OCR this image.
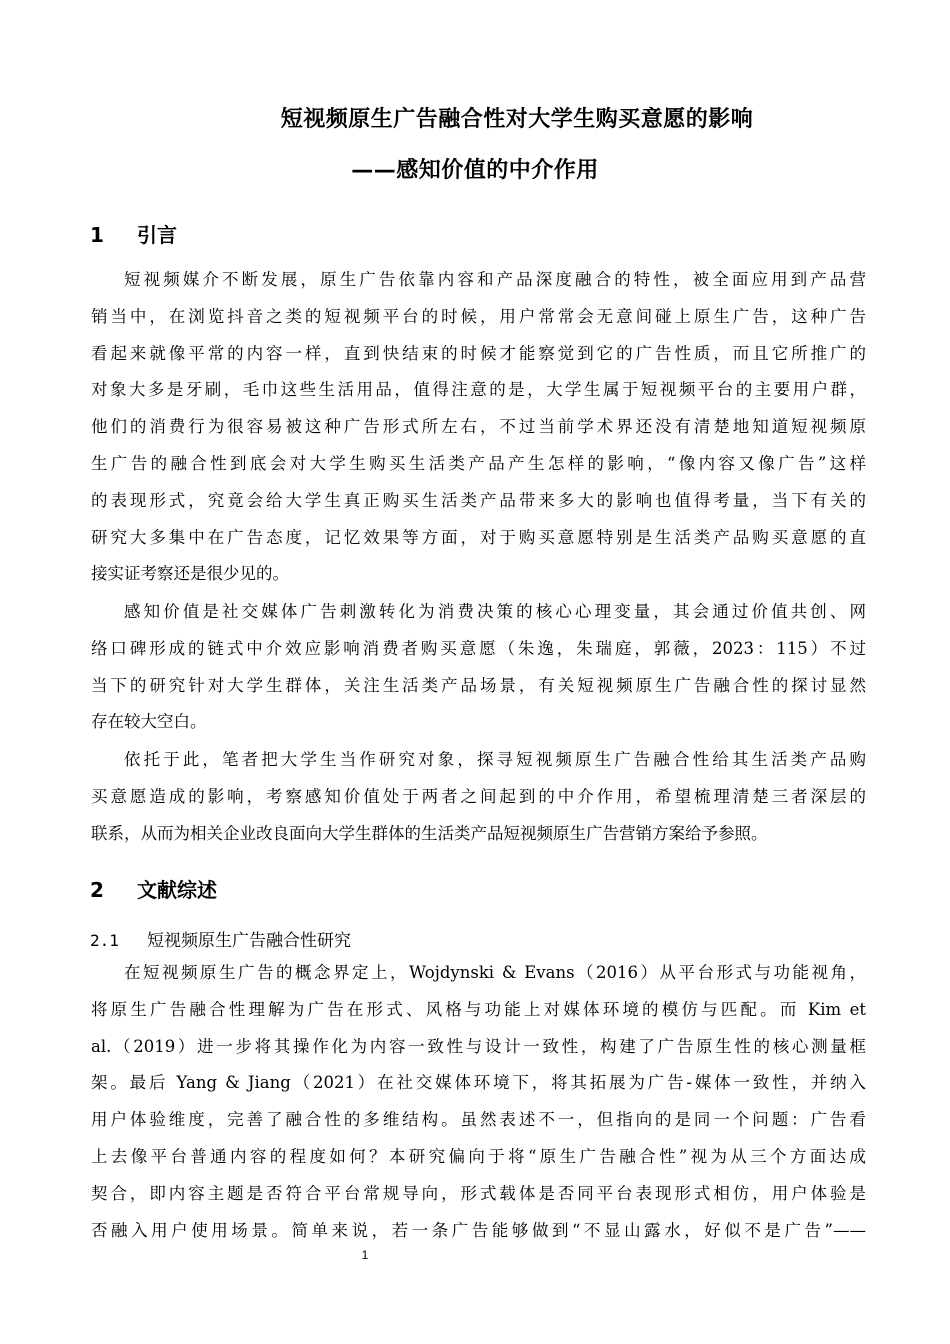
短视频原生广告融合性对大学生购买意愿的影响
——感知价值的中介作用
1 引言
短视频媒介不断发展，原生广告依靠内容和产品深度融合的特性，被全面应用到产品营
销当中，在浏览抖音之类的短视频平台的时候，用户常常会无意间碰上原生广告，这种广告
看起来就像平常的内容一样，直到快结束的时候才能察觉到它的广告性质，而且它所推广的
对象大多是牙刷，毛巾这些生活用品，值得注意的是，大学生属于短视频平台的主要用户群，
他们的消费行为很容易被这种广告形式所左右，不过当前学术界还没有清楚地知道短视频原
生广告的融合性到底会对大学生购买生活类产品产生怎样的影响，“像内容又像广告”这样
的表现形式，究竟会给大学生真正购买生活类产品带来多大的影响也值得考量，当下有关的
研究大多集中在广告态度，记忆效果等方面，对于购买意愿特别是生活类产品购买意愿的直
接实证考察还是很少见的。
感知价值是社交媒体广告刺激转化为消费决策的核心心理变量，其会通过价值共创、网
络口碑形成的链式中介效应影响消费者购买意愿（朱逸，朱瑞庭，郭薇，2023：115）不过
当下的研究针对大学生群体，关注生活类产品场景，有关短视频原生广告融合性的探讨显然
存在较大空白。
依托于此，笔者把大学生当作研究对象，探寻短视频原生广告融合性给其生活类产品购
买意愿造成的影响，考察感知价值处于两者之间起到的中介作用，希望梳理清楚三者深层的
联系，从而为相关企业改良面向大学生群体的生活类产品短视频原生广告营销方案给予参照。
2 文献综述
2.1 短视频原生广告融合性研究
在短视频原生广告的概念界定上，Wojdynski & Evans（2016）从平台形式与功能视角，
将原生广告融合性理解为广告在形式、风格与功能上对媒体环境的模仿与匹配。而 Kim et
al.（2019）进一步将其操作化为内容一致性与设计一致性，构建了广告原生性的核心测量框
架。最后 Yang & Jiang（2021）在社交媒体环境下，将其拓展为广告-媒体一致性，并纳入
用户体验维度，完善了融合性的多维结构。虽然表述不一，但指向的是同一个问题：广告看
上去像平台普通内容的程度如何？本研究偏向于将“原生广告融合性”视为从三个方面达成
契合，即内容主题是否符合平台常规导向，形式载体是否同平台表现形式相仿，用户体验是
否融入用户使用场景。简单来说，若一条广告能够做到“不显山露水，好似不是广告”——
1
